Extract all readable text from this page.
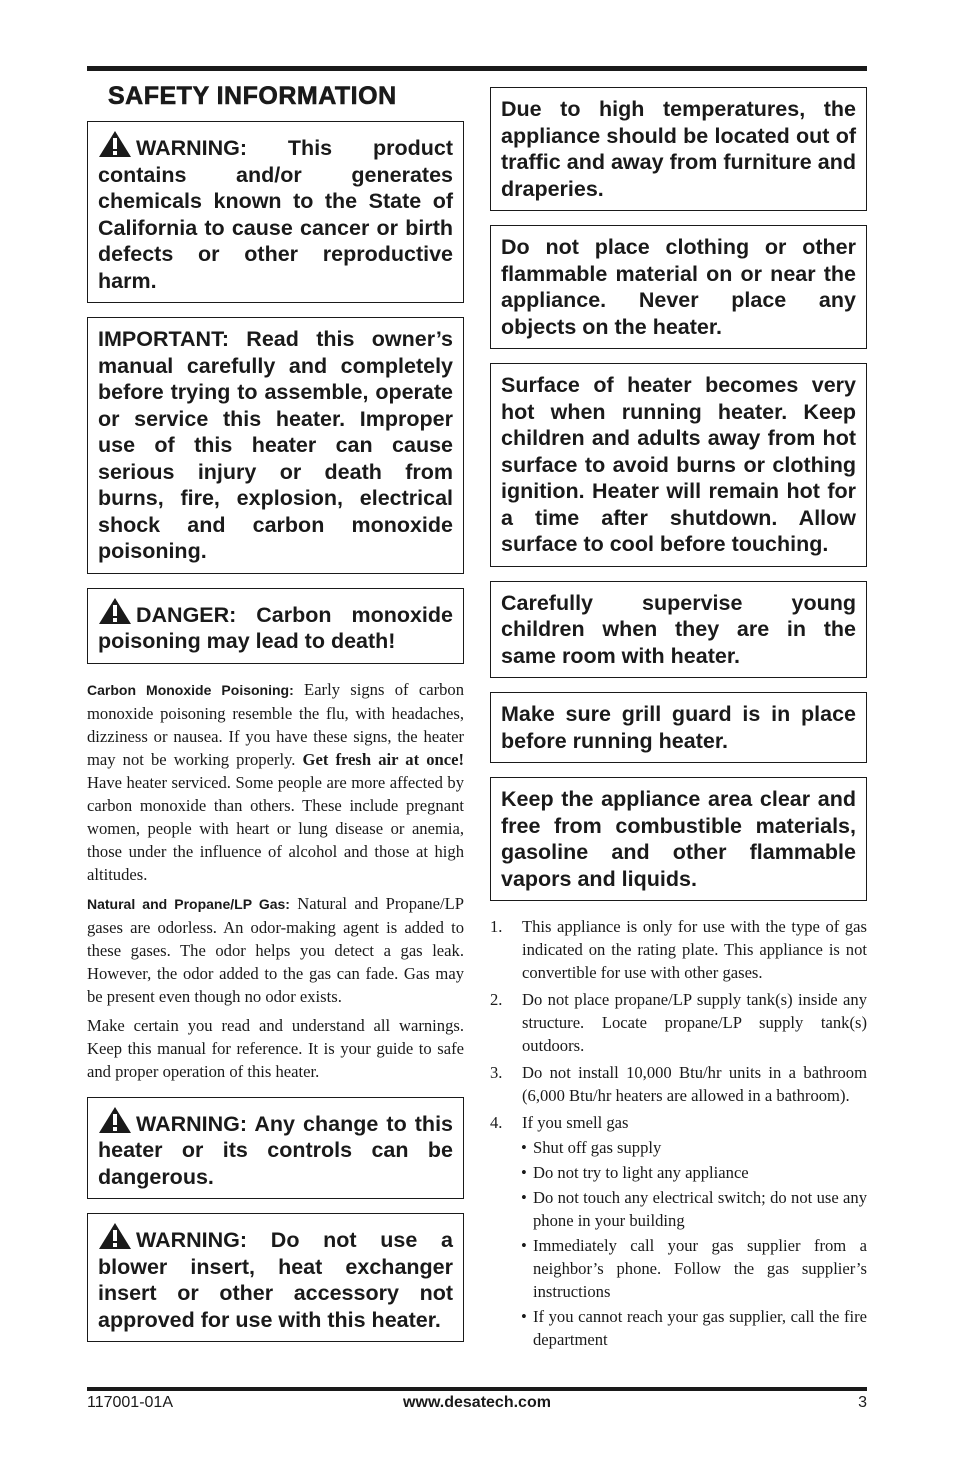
SAFETY INFORMATION
WARNING: This product contains and/or generates chemicals known to the State of California to cause cancer or birth defects or other reproductive harm.
IMPORTANT: Read this owner’s manual carefully and completely before trying to assemble, operate or service this heater. Improper use of this heater can cause serious injury or death from burns, fire, explosion, electrical shock and carbon monoxide poisoning.
DANGER: Carbon monoxide poisoning may lead to death!

Carbon Monoxide Poisoning: Early signs of carbon monoxide poisoning resemble the flu, with headaches, dizziness or nausea. If you have these signs, the heater may not be working properly. Get fresh air at once! Have heater serviced. Some people are more affected by carbon monoxide than others. These include pregnant women, people with heart or lung disease or anemia, those under the influence of alcohol and those at high altitudes.

Natural and Propane/LP Gas: Natural and Propane/LP gases are odorless. An odor-making agent is added to these gases. The odor helps you detect a gas leak. However, the odor added to the gas can fade. Gas may be present even though no odor exists.

Make certain you read and understand all warnings. Keep this manual for reference. It is your guide to safe and proper operation of this heater.

WARNING: Any change to this heater or its controls can be dangerous.
WARNING: Do not use a blower insert, heat exchanger insert or other accessory not approved for use with this heater.
Due to high temperatures, the appliance should be located out of traffic and away from furniture and draperies.
Do not place clothing or other flammable material on or near the appliance. Never place any objects on the heater.
Surface of heater becomes very hot when running heater. Keep children and adults away from hot surface to avoid burns or clothing ignition. Heater will remain hot for a time after shutdown. Allow surface to cool before touching.
Carefully supervise young children when they are in the same room with heater.
Make sure grill guard is in place before running heater.
Keep the appliance area clear and free from combustible materials, gasoline and other flammable vapors and liquids.
1. This appliance is only for use with the type of gas indicated on the rating plate. This appliance is not convertible for use with other gases.
2. Do not place propane/LP supply tank(s) inside any structure. Locate propane/LP supply tank(s) outdoors.
3. Do not install 10,000 Btu/hr units in a bathroom (6,000 Btu/hr heaters are allowed in a bathroom).
4. If you smell gas
• Shut off gas supply
• Do not try to light any appliance
• Do not touch any electrical switch; do not use any phone in your building
• Immediately call your gas supplier from a neighbor’s phone. Follow the gas supplier’s instructions
• If you cannot reach your gas supplier, call the fire department
117001-01A	www.desatech.com	3
